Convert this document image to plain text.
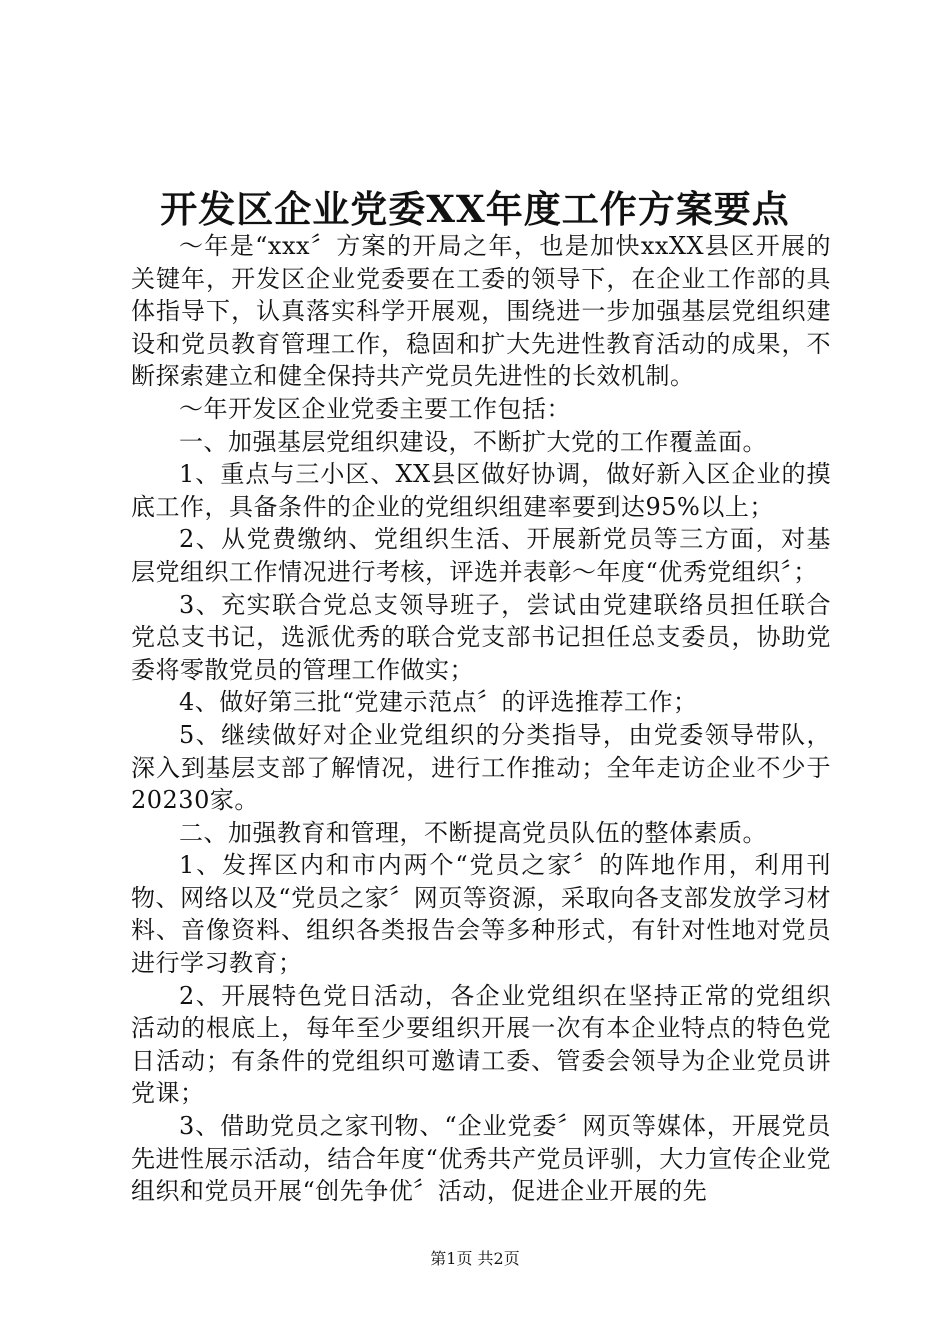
开发区企业党委XX年度工作方案要点

～年是“xxx〞方案的开局之年，也是加快xxXX县区开展的关键年，开发区企业党委要在工委的领导下，在企业工作部的具体指导下，认真落实科学开展观，围绕进一步加强基层党组织建设和党员教育管理工作，稳固和扩大先进性教育活动的成果，不断探索建立和健全保持共产党员先进性的长效机制。

～年开发区企业党委主要工作包括：

一、加强基层党组织建设，不断扩大党的工作覆盖面。

1、重点与三小区、XX县区做好协调，做好新入区企业的摸底工作，具备条件的企业的党组织组建率要到达95%以上；

2、从党费缴纳、党组织生活、开展新党员等三方面，对基层党组织工作情况进行考核，评选并表彰～年度“优秀党组织〞；

3、充实联合党总支领导班子，尝试由党建联络员担任联合党总支书记，选派优秀的联合党支部书记担任总支委员，协助党委将零散党员的管理工作做实；

4、做好第三批“党建示范点〞的评选推荐工作；

5、继续做好对企业党组织的分类指导，由党委领导带队，深入到基层支部了解情况，进行工作推动；全年走访企业不少于20230家。

二、加强教育和管理，不断提高党员队伍的整体素质。

1、发挥区内和市内两个“党员之家〞的阵地作用，利用刊物、网络以及“党员之家〞网页等资源，采取向各支部发放学习材料、音像资料、组织各类报告会等多种形式，有针对性地对党员进行学习教育；

2、开展特色党日活动，各企业党组织在坚持正常的党组织活动的根底上，每年至少要组织开展一次有本企业特点的特色党日活动；有条件的党组织可邀请工委、管委会领导为企业党员讲党课；

3、借助党员之家刊物、“企业党委〞网页等媒体，开展党员先进性展示活动，结合年度“优秀共产党员评驯，大力宣传企业党组织和党员开展“创先争优〞活动，促进企业开展的先

第1页 共2页
